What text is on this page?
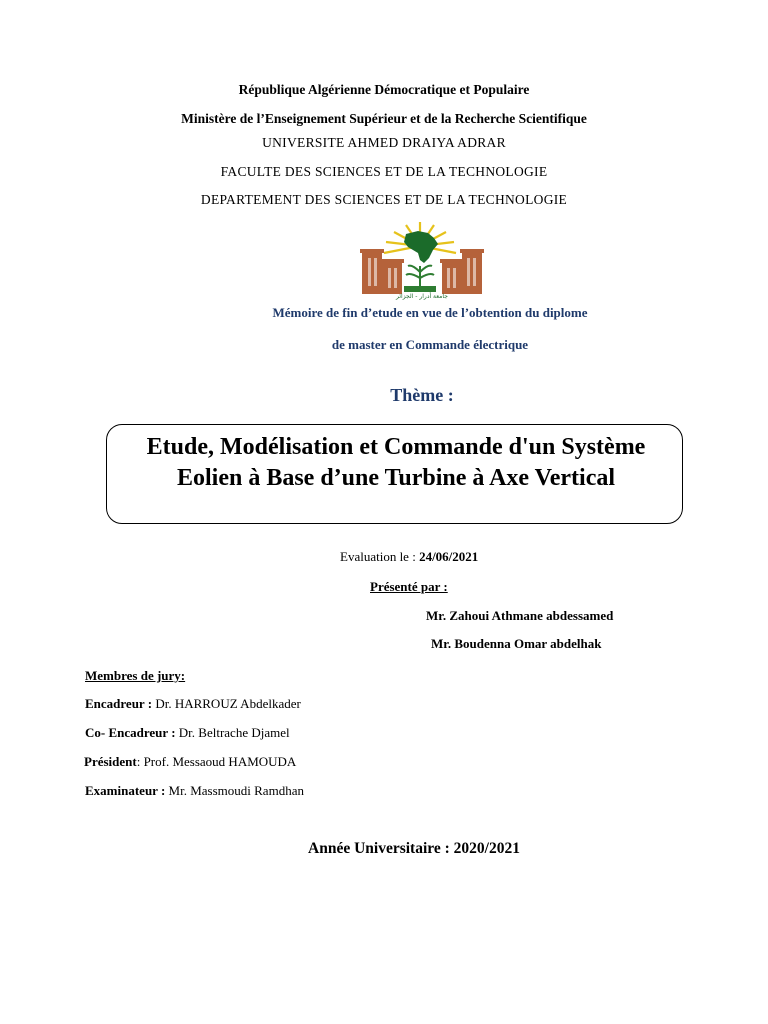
République Algérienne Démocratique et Populaire
Ministère de l’Enseignement Supérieur et de la Recherche Scientifique
UNIVERSITE AHMED DRAIYA ADRAR
FACULTE DES SCIENCES ET DE LA TECHNOLOGIE
DEPARTEMENT DES SCIENCES ET DE LA TECHNOLOGIE
جامعة أدرار - الجزائر
Mémoire de fin d’etude en vue de l’obtention du diplome
de master en Commande électrique
Thème :
Etude, Modélisation et Commande d'un Système
Eolien à Base d’une Turbine à Axe Vertical
Evaluation le : 24/06/2021
Présenté par :
Mr. Zahoui Athmane abdessamed
Mr. Boudenna Omar abdelhak
Membres de jury:
Encadreur : Dr. HARROUZ Abdelkader
Co- Encadreur : Dr. Beltrache Djamel
Président: Prof. Messaoud HAMOUDA
Examinateur : Mr. Massmoudi Ramdhan
Année Universitaire : 2020/2021
